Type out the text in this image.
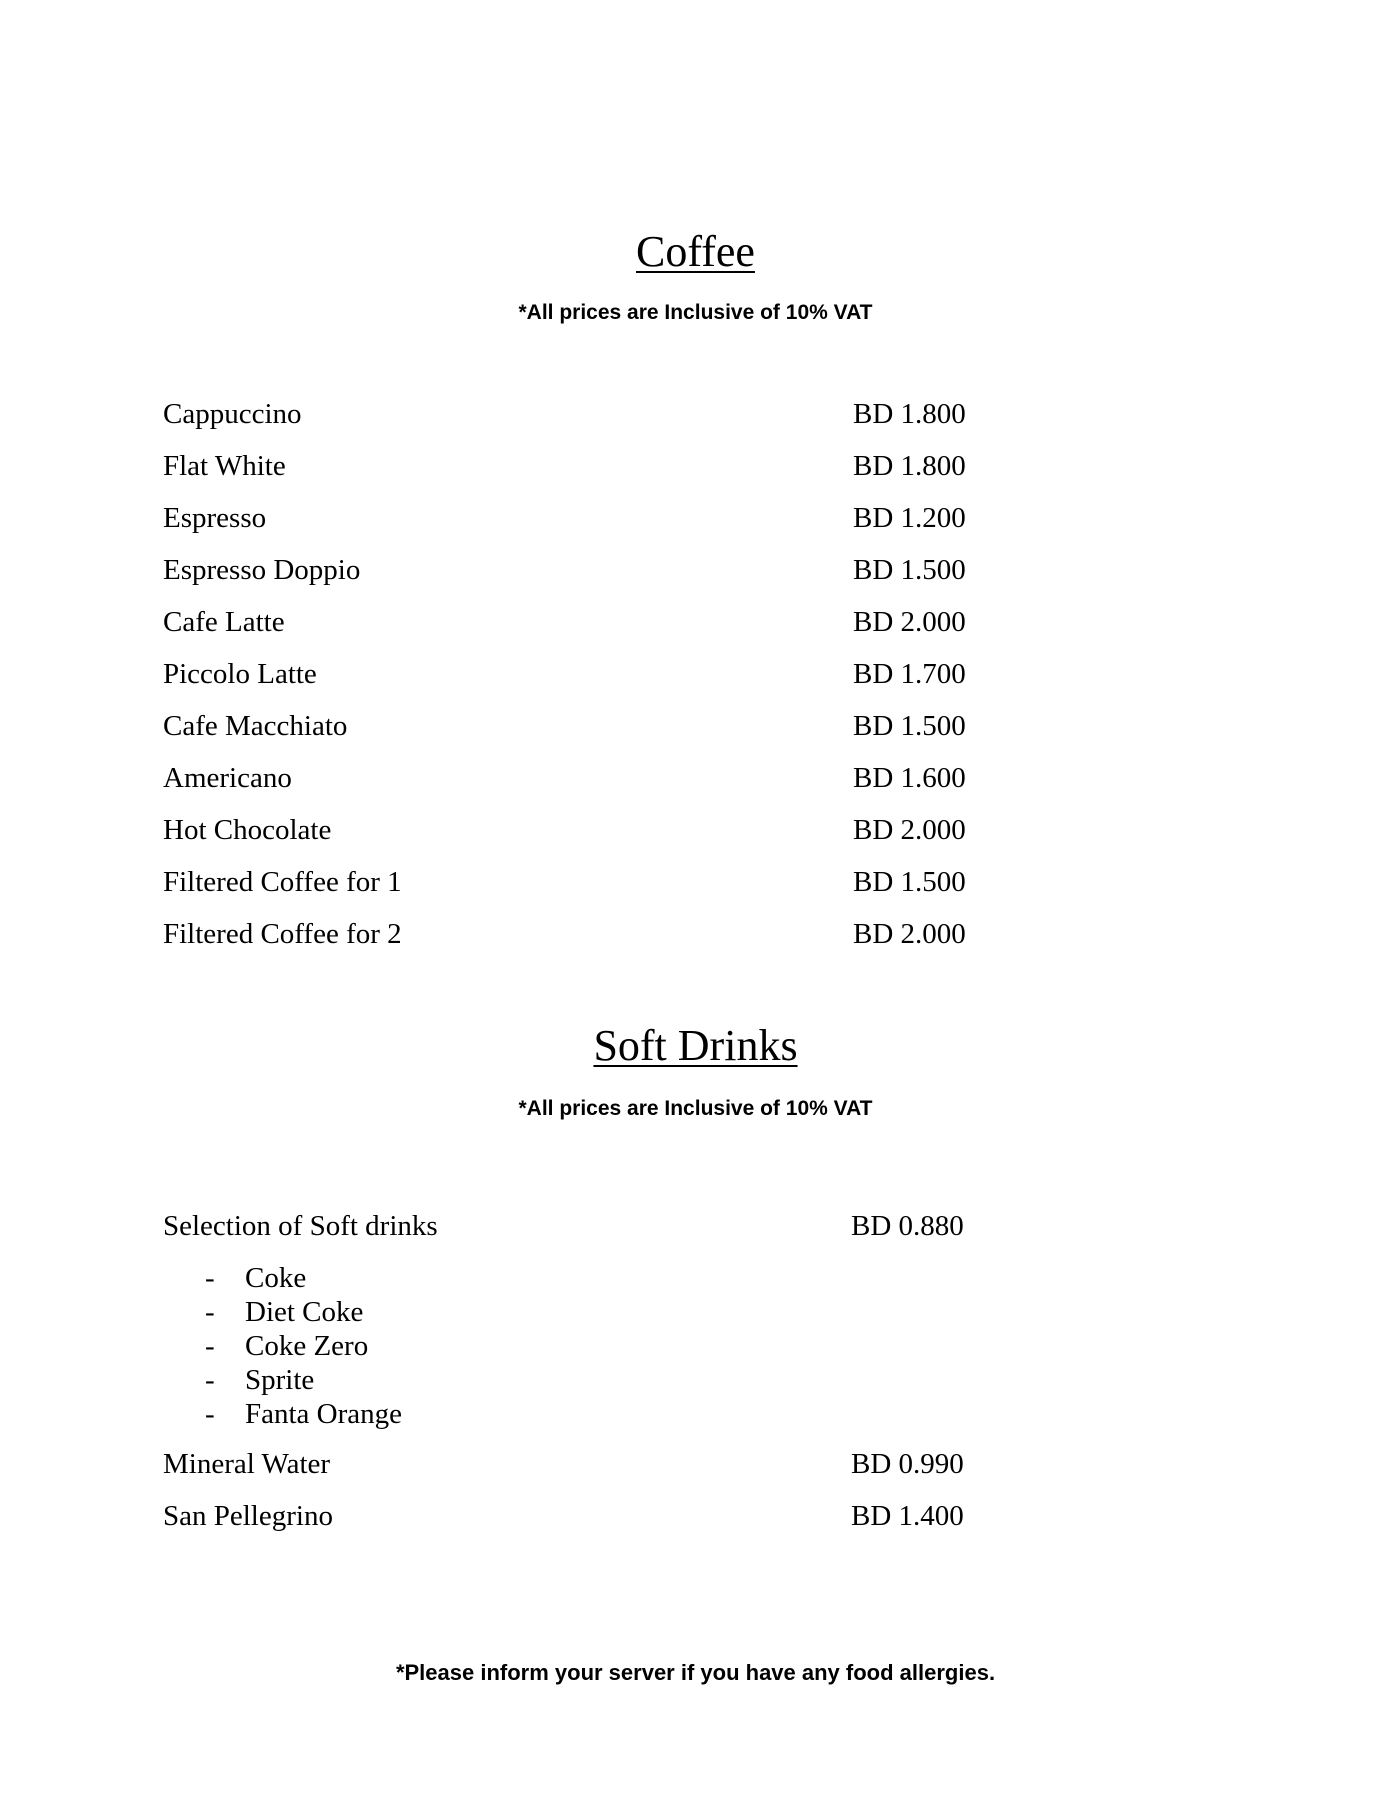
Coffee
*All prices are Inclusive of 10% VAT
Cappuccino	BD 1.800
Flat White	BD 1.800
Espresso	BD 1.200
Espresso Doppio	BD 1.500
Cafe Latte	BD 2.000
Piccolo Latte	BD 1.700
Cafe Macchiato	BD 1.500
Americano	BD 1.600
Hot Chocolate	BD 2.000
Filtered Coffee for 1	BD 1.500
Filtered Coffee for 2	BD 2.000
Soft Drinks
*All prices are Inclusive of 10% VAT
Selection of Soft drinks	BD 0.880
- Coke
- Diet Coke
- Coke Zero
- Sprite
- Fanta Orange
Mineral Water	BD 0.990
San Pellegrino	BD 1.400
*Please inform your server if you have any food allergies.
